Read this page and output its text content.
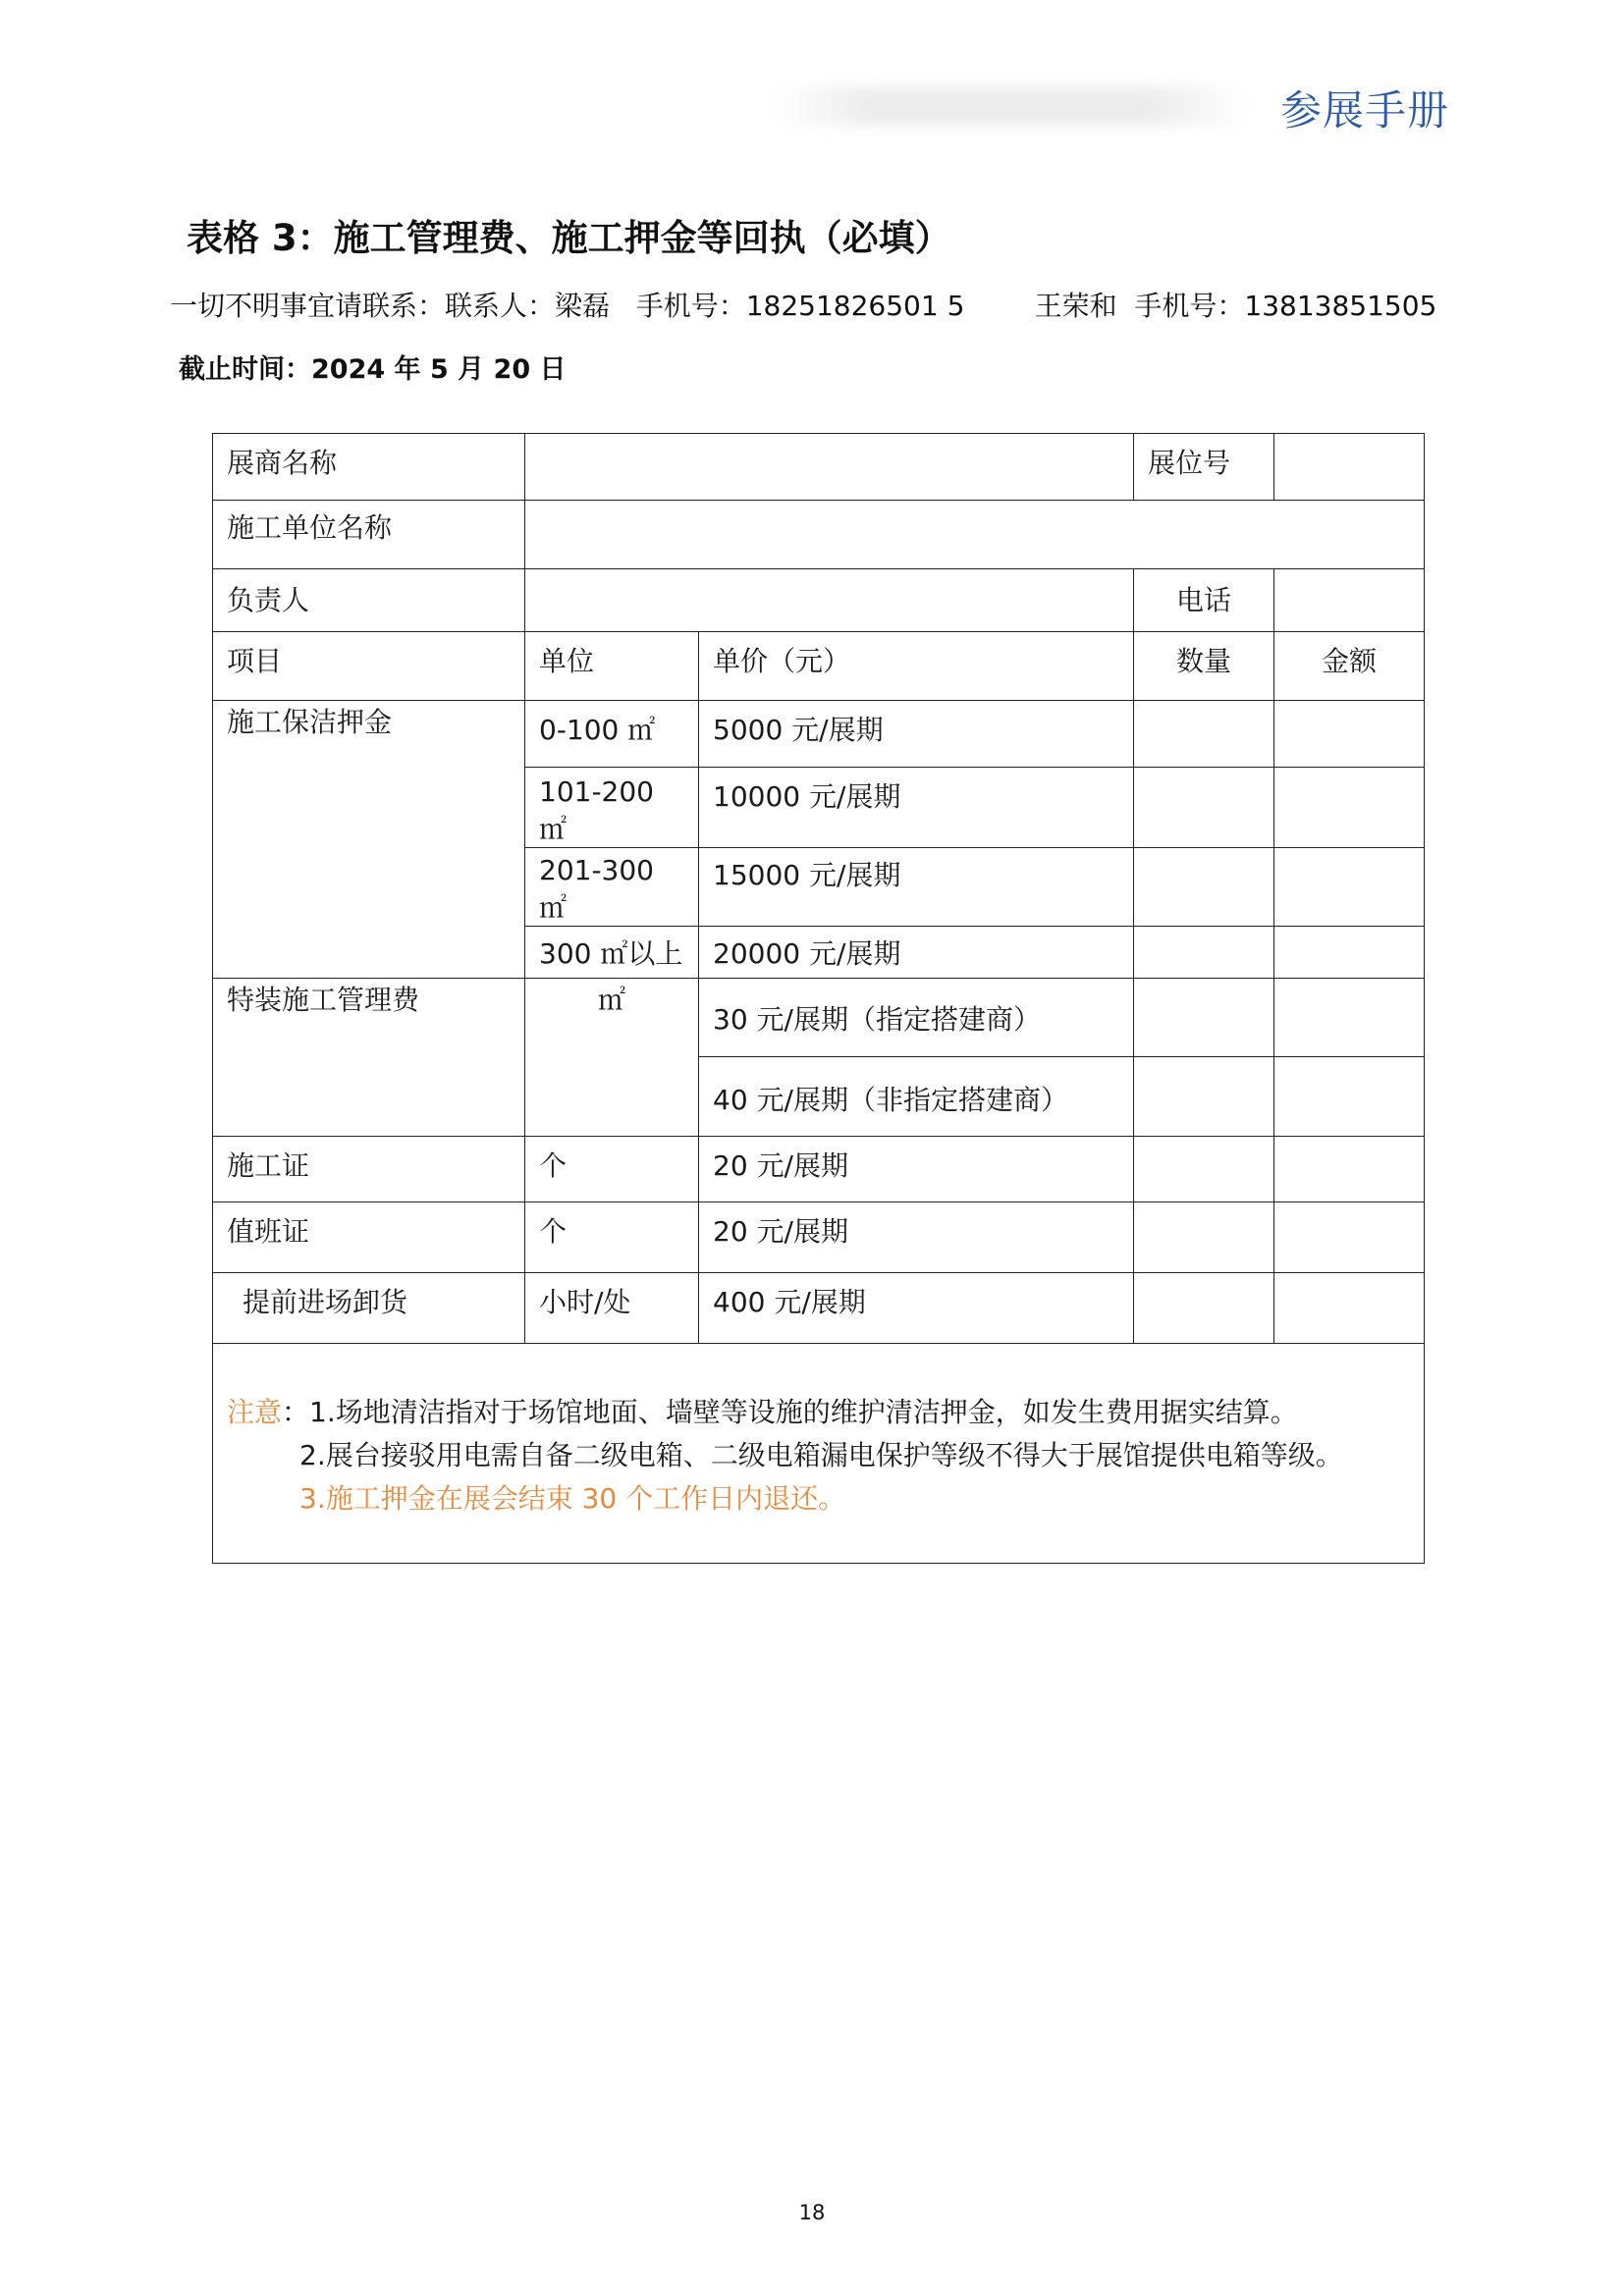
参展手册
表格 3：施工管理费、施工押金等回执（必填）
一切不明事宜请联系：联系人：梁磊   手机号：18251826501 5        王荣和  手机号：13813851505
截止时间：2024 年 5 月 20 日
展商名称			展位号	
施工单位名称				
负责人			电话	
项目	单位	单价（元）	数量	金额
施工保洁押金	0-100 ㎡	5000 元/展期		
	101-200 ㎡	10000 元/展期		
	201-300 ㎡	15000 元/展期		
	300 ㎡以上	20000 元/展期		
特装施工管理费	㎡	30 元/展期（指定搭建商）		
		40 元/展期（非指定搭建商）		
施工证	个	20 元/展期		
值班证	个	20 元/展期		
提前进场卸货	小时/处	400 元/展期		

注意：1.场地清洁指对于场馆地面、墙壁等设施的维护清洁押金，如发生费用据实结算。
2.展台接驳用电需自备二级电箱、二级电箱漏电保护等级不得大于展馆提供电箱等级。
3.施工押金在展会结束 30 个工作日内退还。				
18
